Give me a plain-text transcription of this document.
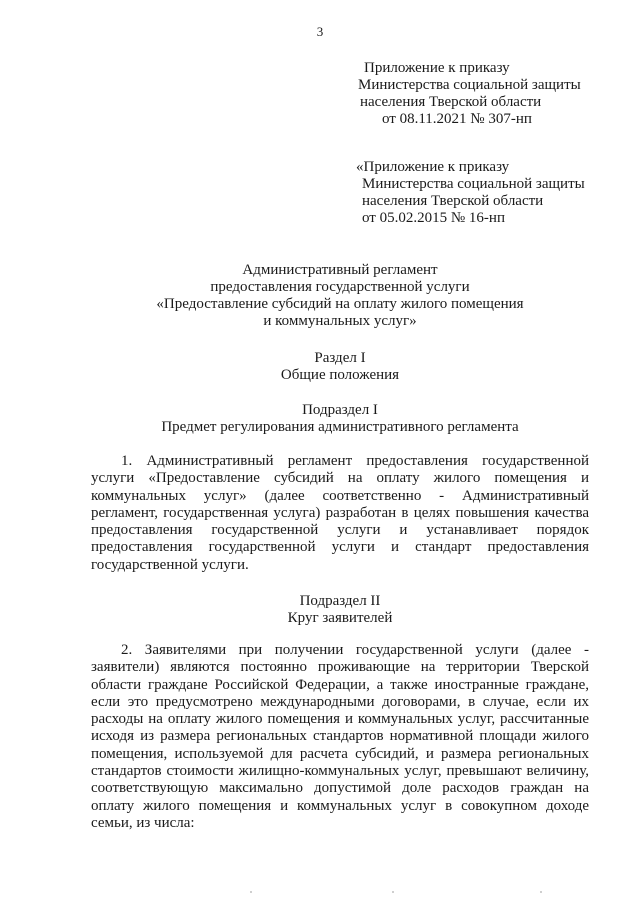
3
Приложение к приказу
Министерства социальной защиты
населения Тверской области
от 08.11.2021 № 307-нп
«Приложение к приказу
Министерства социальной защиты
населения Тверской области
от 05.02.2015 № 16-нп
Административный регламент
предоставления государственной услуги
«Предоставление субсидий на оплату жилого помещения
и коммунальных услуг»
Раздел I
Общие положения
Подраздел I
Предмет регулирования административного регламента

1. Административный регламент предоставления государственной услуги «Предоставление субсидий на оплату жилого помещения и коммунальных услуг» (далее соответственно - Административный регламент, государственная услуга) разработан в целях повышения качества предоставления государственной услуги и устанавливает порядок предоставления государственной услуги и стандарт предоставления государственной услуги.

Подраздел II
Круг заявителей

2. Заявителями при получении государственной услуги (далее - заявители) являются постоянно проживающие на территории Тверской области граждане Российской Федерации, а также иностранные граждане, если это предусмотрено международными договорами, в случае, если их расходы на оплату жилого помещения и коммунальных услуг, рассчитанные исходя из размера региональных стандартов нормативной площади жилого помещения, используемой для расчета субсидий, и размера региональных стандартов стоимости жилищно-коммунальных услуг, превышают величину, соответствующую максимально допустимой доле расходов граждан на оплату жилого помещения и коммунальных услуг в совокупном доходе семьи, из числа:
